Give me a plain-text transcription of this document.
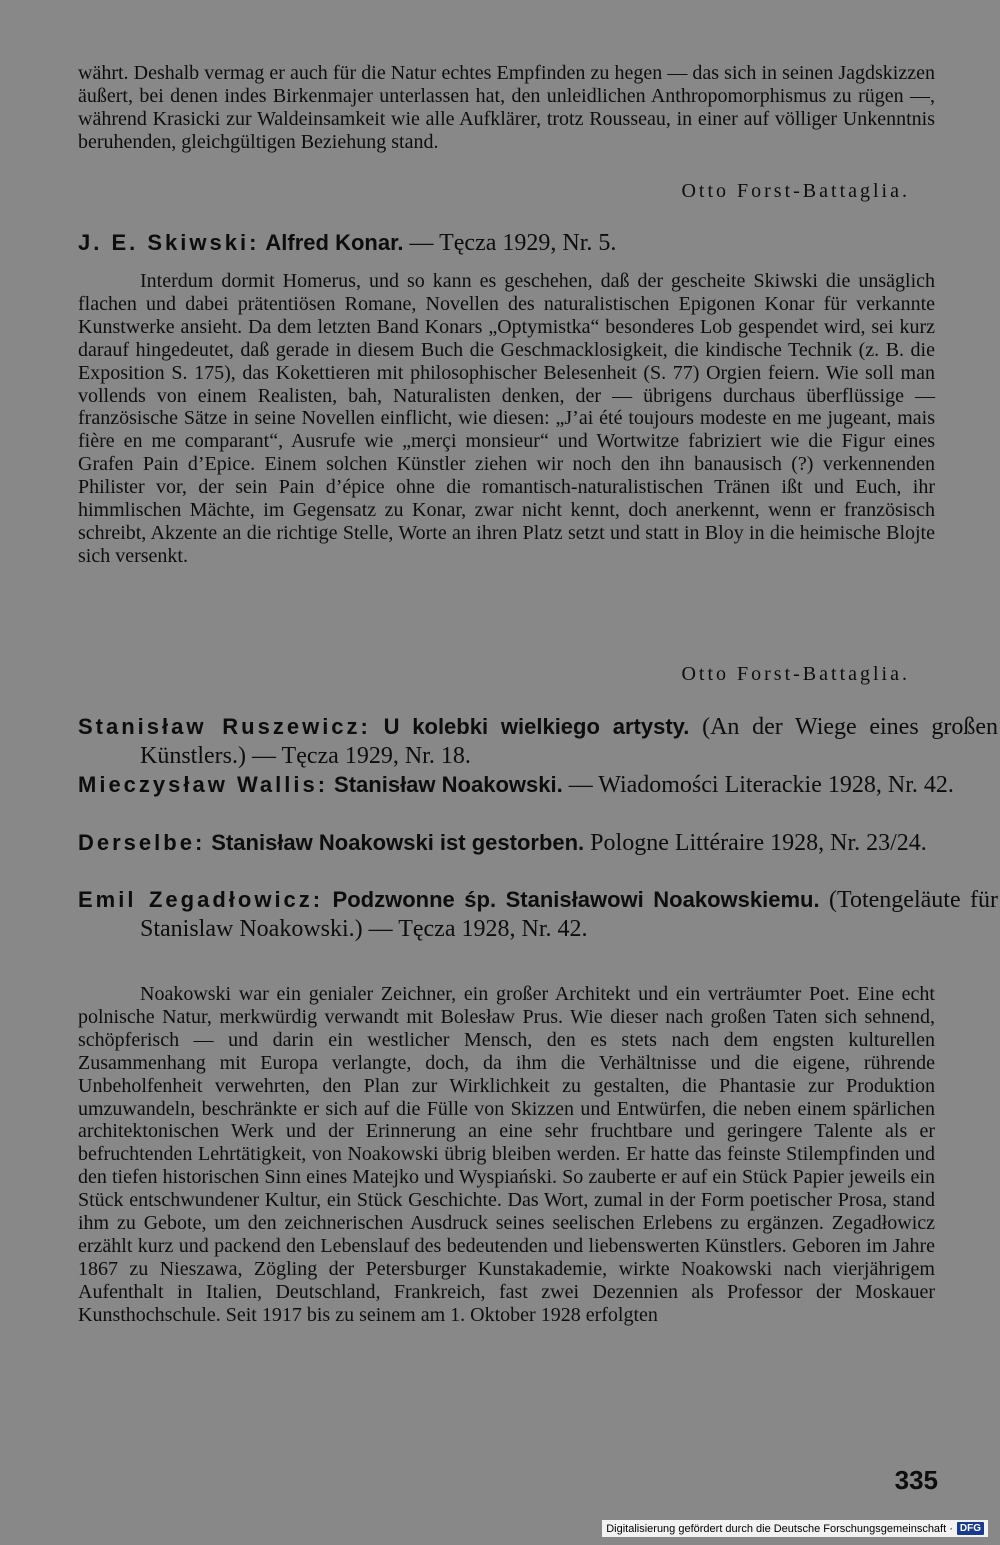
währt. Deshalb vermag er auch für die Natur echtes Empfinden zu hegen — das sich in seinen Jagdskizzen äußert, bei denen indes Birkenmajer unterlassen hat, den unleidlichen Anthropomorphismus zu rügen —, während Krasicki zur Waldeinsamkeit wie alle Aufklärer, trotz Rousseau, in einer auf völliger Unkenntnis beruhenden, gleichgültigen Beziehung stand.

Otto Forst-Battaglia.

J. E. Skiwski: Alfred Konar. — Tęcza 1929, Nr. 5.

Interdum dormit Homerus, und so kann es geschehen, daß der gescheite Skiwski die unsäglich flachen und dabei prätentiösen Romane, Novellen des naturalistischen Epigonen Konar für verkannte Kunstwerke ansieht. Da dem letzten Band Konars „Optymistka“ besonderes Lob gespendet wird, sei kurz darauf hingedeutet, daß gerade in diesem Buch die Geschmacklosigkeit, die kindische Technik (z. B. die Exposition S. 175), das Kokettieren mit philosophischer Belesenheit (S. 77) Orgien feiern. Wie soll man vollends von einem Realisten, bah, Naturalisten denken, der — übrigens durchaus überflüssige — französische Sätze in seine Novellen einflicht, wie diesen: „J’ai été toujours modeste en me jugeant, mais fière en me comparant“, Ausrufe wie „merçi monsieur“ und Wortwitze fabriziert wie die Figur eines Grafen Pain d’Epice. Einem solchen Künstler ziehen wir noch den ihn banausisch (?) verkennenden Philister vor, der sein Pain d’épice ohne die romantisch-naturalistischen Tränen ißt und Euch, ihr himmlischen Mächte, im Gegensatz zu Konar, zwar nicht kennt, doch anerkennt, wenn er französisch schreibt, Akzente an die richtige Stelle, Worte an ihren Platz setzt und statt in Bloy in die heimische Blojte sich versenkt.

Otto Forst-Battaglia.

Stanisław Ruszewicz: U kolebki wielkiego artysty. (An der Wiege eines großen Künstlers.) — Tęcza 1929, Nr. 18.

Mieczysław Wallis: Stanisław Noakowski. — Wiadomości Literackie 1928, Nr. 42.

Derselbe: Stanisław Noakowski ist gestorben. Pologne Littéraire 1928, Nr. 23/24.

Emil Zegadłowicz: Podzwonne śp. Stanisławowi Noakowskiemu. (Totengeläute für Stanislaw Noakowski.) — Tęcza 1928, Nr. 42.

Noakowski war ein genialer Zeichner, ein großer Architekt und ein verträumter Poet. Eine echt polnische Natur, merkwürdig verwandt mit Bolesław Prus. Wie dieser nach großen Taten sich sehnend, schöpferisch — und darin ein westlicher Mensch, den es stets nach dem engsten kulturellen Zusammenhang mit Europa verlangte, doch, da ihm die Verhältnisse und die eigene, rührende Unbeholfenheit verwehrten, den Plan zur Wirklichkeit zu gestalten, die Phantasie zur Produktion umzuwandeln, beschränkte er sich auf die Fülle von Skizzen und Entwürfen, die neben einem spärlichen architektonischen Werk und der Erinnerung an eine sehr fruchtbare und geringere Talente als er befruchtenden Lehrtätigkeit, von Noakowski übrig bleiben werden. Er hatte das feinste Stilempfinden und den tiefen historischen Sinn eines Matejko und Wyspiański. So zauberte er auf ein Stück Papier jeweils ein Stück entschwundener Kultur, ein Stück Geschichte. Das Wort, zumal in der Form poetischer Prosa, stand ihm zu Gebote, um den zeichnerischen Ausdruck seines seelischen Erlebens zu ergänzen. Zegadłowicz erzählt kurz und packend den Lebenslauf des bedeutenden und liebenswerten Künstlers. Geboren im Jahre 1867 zu Nieszawa, Zögling der Petersburger Kunstakademie, wirkte Noakowski nach vierjährigem Aufenthalt in Italien, Deutschland, Frankreich, fast zwei Dezennien als Professor der Moskauer Kunsthochschule. Seit 1917 bis zu seinem am 1. Oktober 1928 erfolgten

335
Digitalisierung gefördert durch die Deutsche Forschungsgemeinschaft · DFG
